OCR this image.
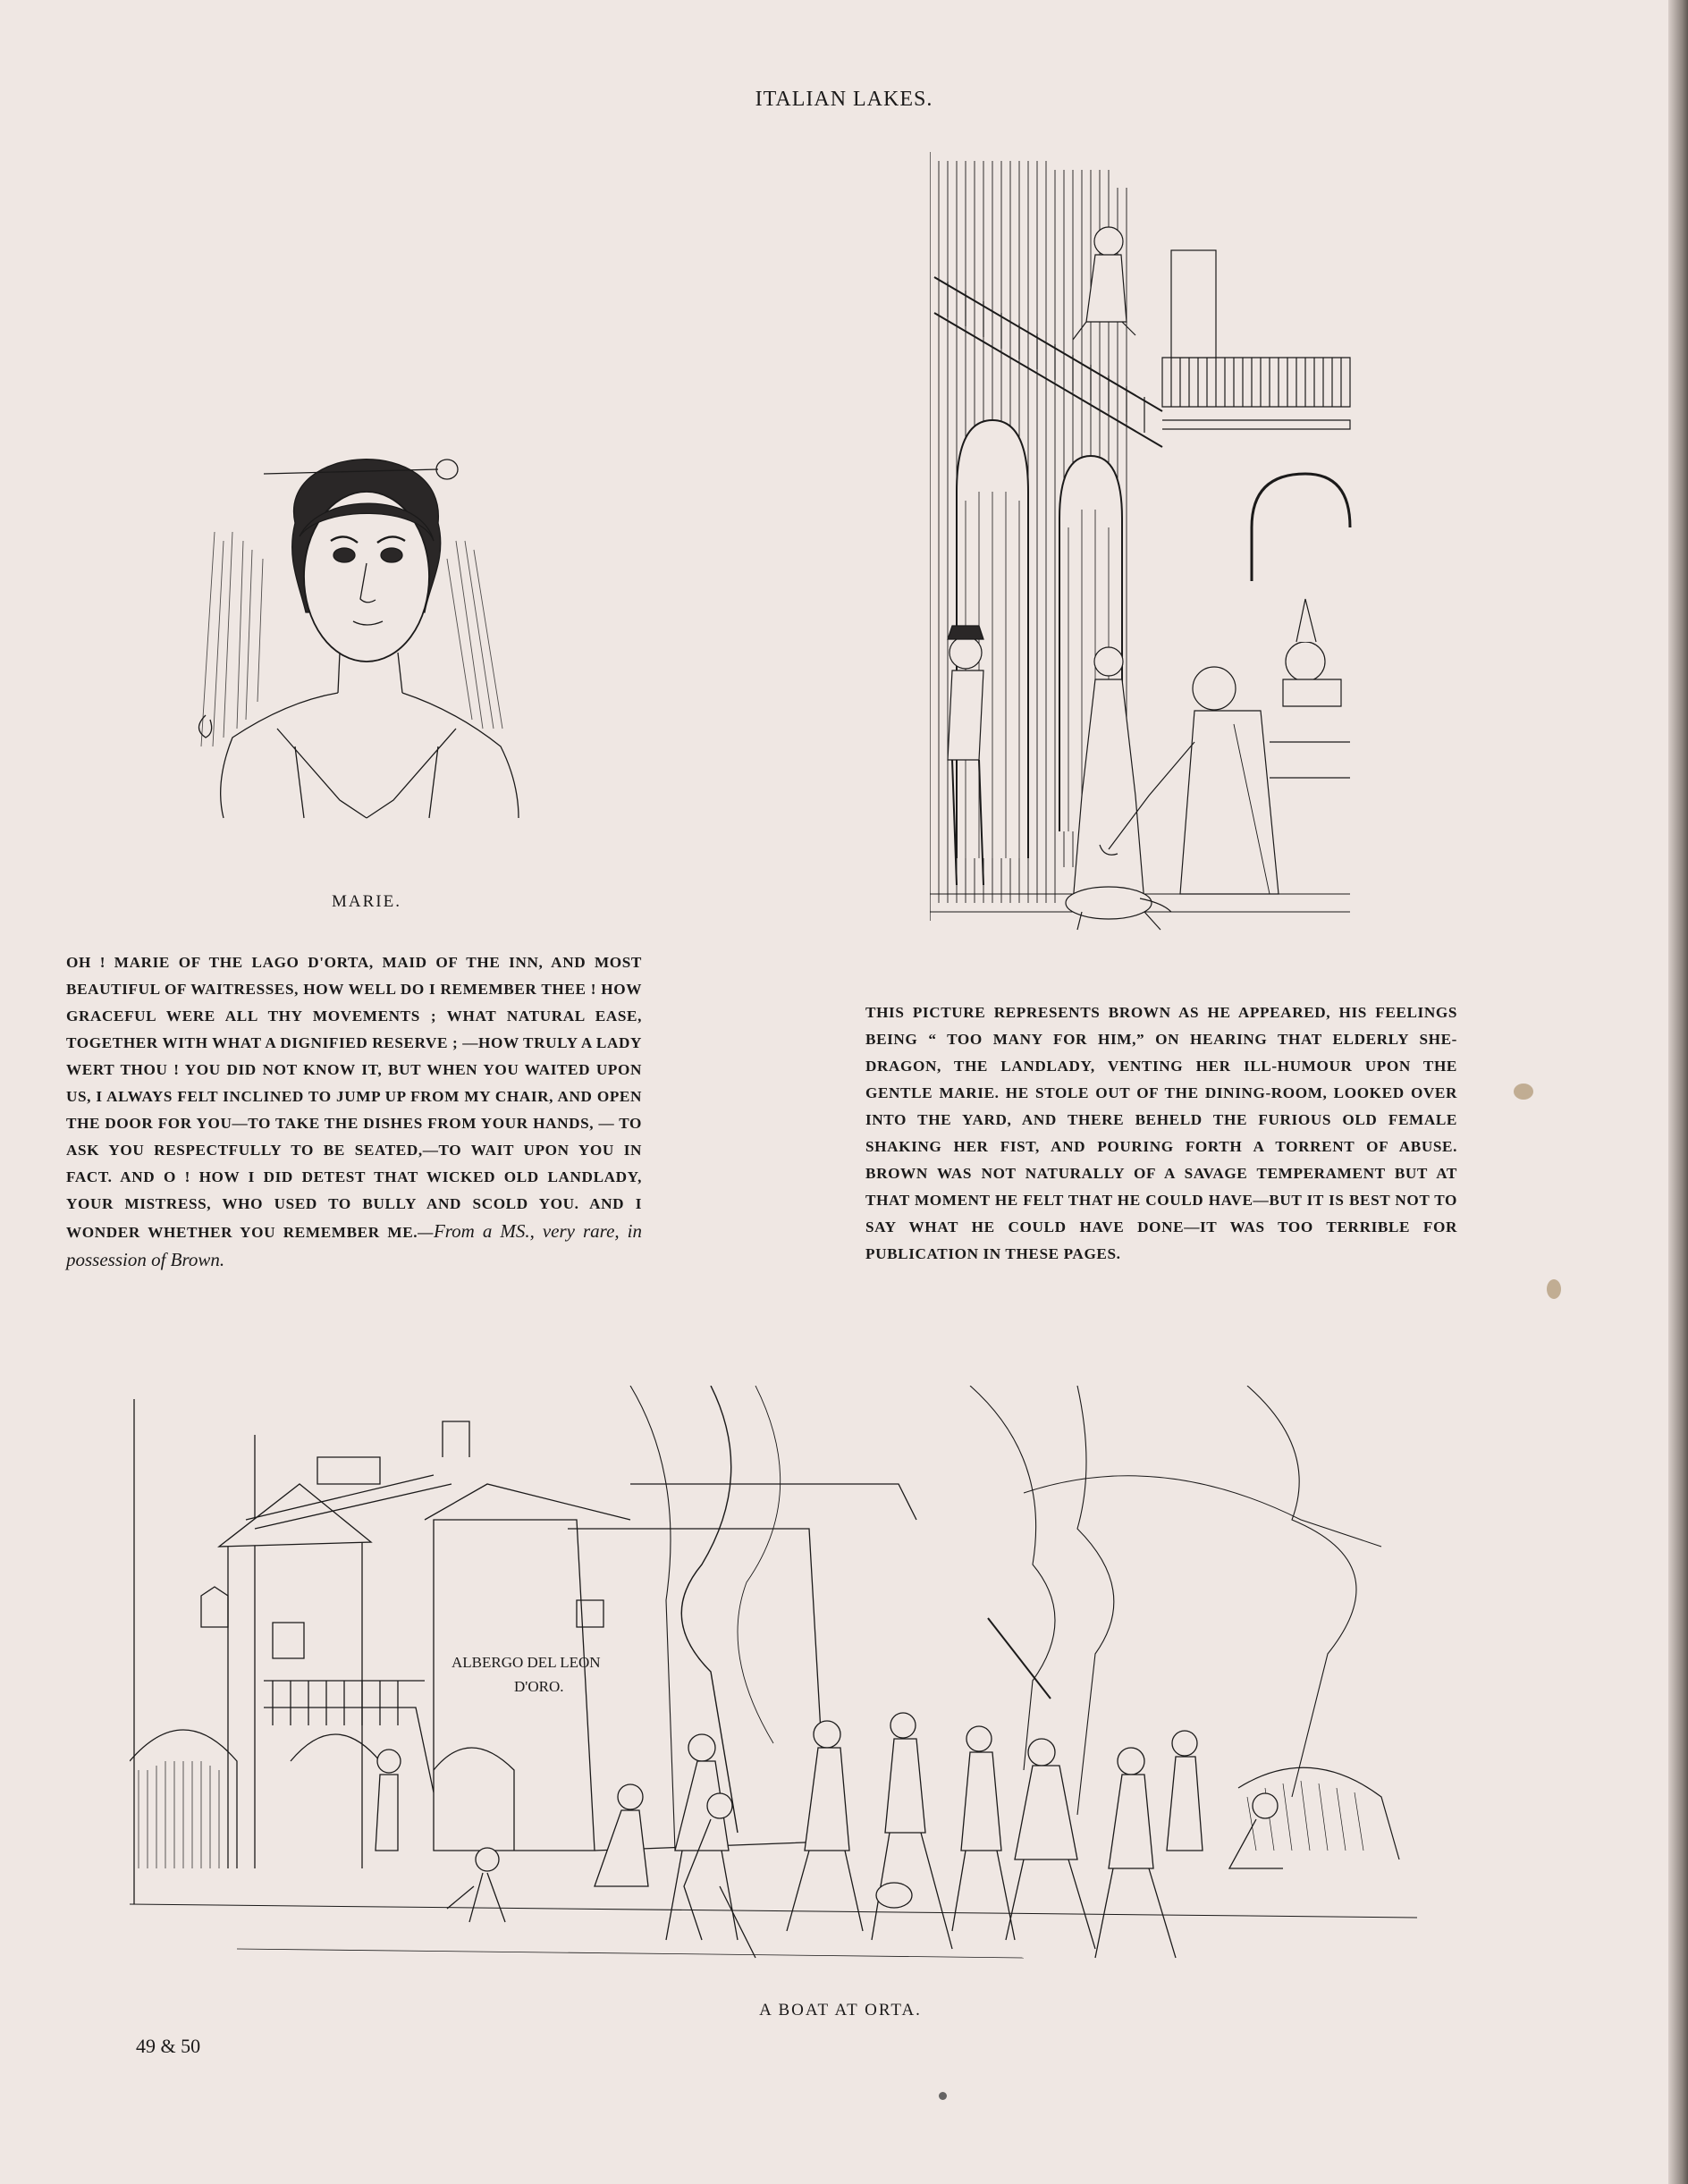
ITALIAN LAKES.
MARIE.
OH ! MARIE OF THE LAGO D'ORTA, MAID OF THE INN, AND MOST BEAUTIFUL OF WAITRESSES, HOW WELL DO I REMEMBER THEE ! HOW GRACEFUL WERE ALL THY MOVEMENTS ; WHAT NATURAL EASE, TOGETHER WITH WHAT A DIGNIFIED RESERVE ; —HOW TRULY A LADY WERT THOU ! YOU DID NOT KNOW IT, BUT WHEN YOU WAITED UPON US, I ALWAYS FELT INCLINED TO JUMP UP FROM MY CHAIR, AND OPEN THE DOOR FOR YOU—TO TAKE THE DISHES FROM YOUR HANDS, — TO ASK YOU RESPECTFULLY TO BE SEATED,—TO WAIT UPON YOU IN FACT. AND O ! HOW I DID DETEST THAT WICKED OLD LANDLADY, YOUR MISTRESS, WHO USED TO BULLY AND SCOLD YOU. AND I WONDER WHETHER YOU REMEMBER ME.—From a MS., very rare, in possession of Brown.
THIS PICTURE REPRESENTS BROWN AS HE APPEARED, HIS FEELINGS BEING “ TOO MANY FOR HIM,” ON HEARING THAT ELDERLY SHE-DRAGON, THE LANDLADY, VENTING HER ILL-HUMOUR UPON THE GENTLE MARIE. HE STOLE OUT OF THE DINING-ROOM, LOOKED OVER INTO THE YARD, AND THERE BEHELD THE FURIOUS OLD FEMALE SHAKING HER FIST, AND POURING FORTH A TORRENT OF ABUSE. BROWN WAS NOT NATURALLY OF A SAVAGE TEMPERAMENT BUT AT THAT MOMENT HE FELT THAT HE COULD HAVE—BUT IT IS BEST NOT TO SAY WHAT HE COULD HAVE DONE—IT WAS TOO TERRIBLE FOR PUBLICATION IN THESE PAGES.
ALBERGO DEL LEON
D'ORO.
A BOAT AT ORTA.
49 & 50
